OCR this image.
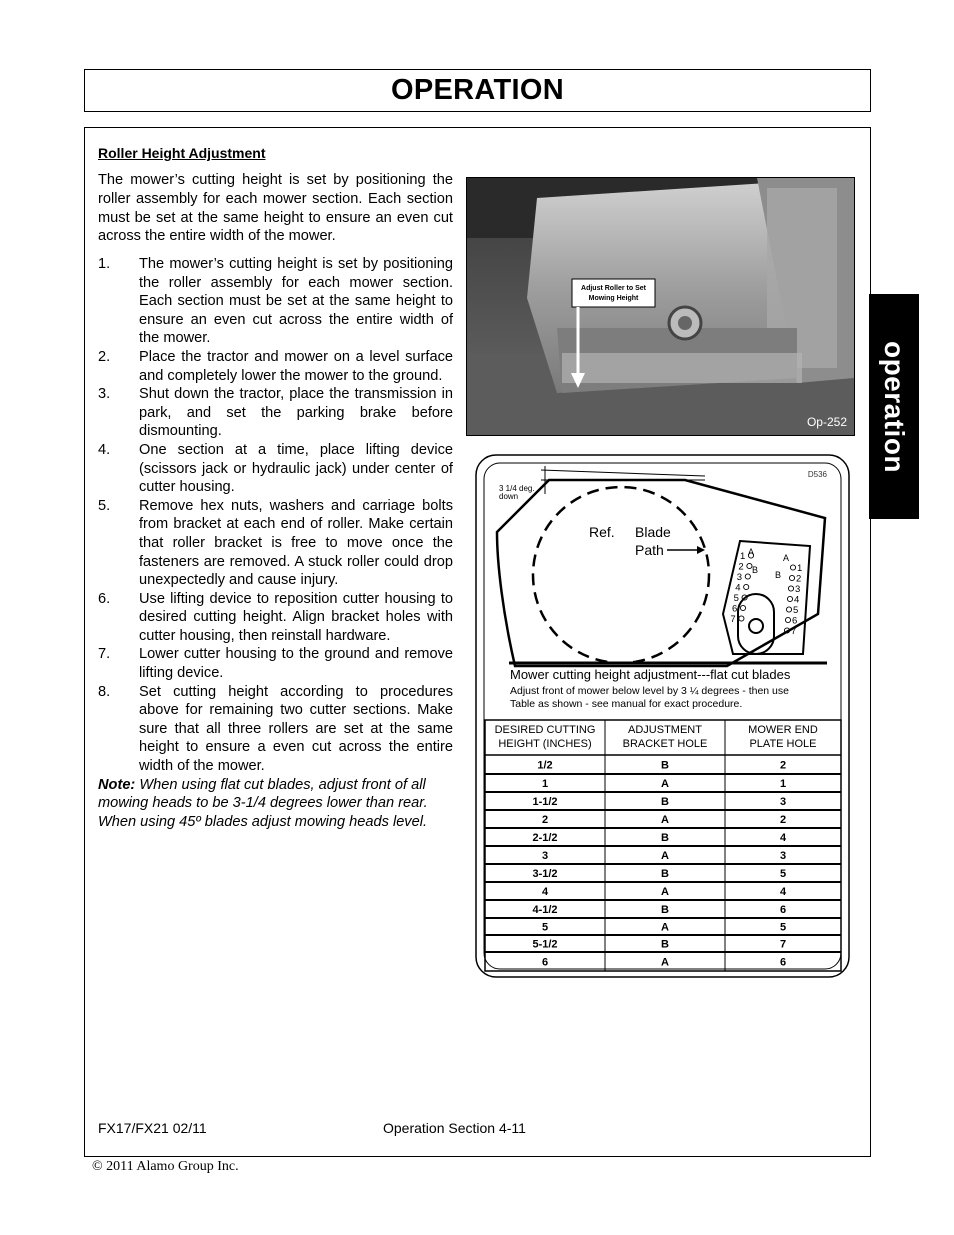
OPERATION
operation
Roller Height Adjustment
The mower’s cutting height is set by positioning the roller assembly for each mower section. Each section must be set at the same height to ensure an even cut across the entire width of the mower.
1.	The mower’s cutting height is set by positioning the roller assembly for each mower section. Each section must be set at the same height to ensure an even cut across the entire width of the mower.
2.	Place the tractor and mower on a level surface and completely lower the mower to the ground.
3.	Shut down the tractor, place the transmission in park, and set the parking brake before dismounting.
4.	One section at a time, place lifting device (scissors jack or hydraulic jack) under center of cutter housing.
5.	Remove hex nuts, washers and carriage bolts from bracket at each end of roller. Make certain that roller bracket is free to move once the fasteners are removed. A stuck roller could drop unexpectedly and cause injury.
6.	Use lifting device to reposition cutter housing to desired cutting height. Align bracket holes with cutter housing, then reinstall hardware.
7.	Lower cutter housing to the ground and remove lifting device.
8.	Set cutting height according to procedures above for remaining two cutter sections. Make sure that all three rollers are set at the same height to ensure a even cut across the entire width of the mower.
Note: When using flat cut blades, adjust front of all mowing heads to be 3-1/4 degrees lower than rear. When using 45º blades adjust mowing heads level.
Adjust Roller to Set
Mowing Height
Op-252
D536
3 1/4 deg.
down
Ref. Blade
Path	A
B
A
B
1
2
3
4
5
6
7
1
2
3
4
5
6
7
Mower cutting height adjustment---flat cut blades
Adjust front of mower below level by 3 ¼ degrees - then use
Table as shown - see manual for exact procedure.
DESIRED CUTTING
HEIGHT (INCHES)
ADJUSTMENT
BRACKET HOLE
MOWER END
PLATE HOLE
1/2	B	2
1	A	1
1-1/2	B	3
2	A	2
2-1/2	B	4
3	A	3
3-1/2	B	5
4	A	4
4-1/2	B	6
5	A	5
5-1/2	B	7
6	A	6
FX17/FX21 02/11	Operation Section 4-11
© 2011 Alamo Group Inc.
